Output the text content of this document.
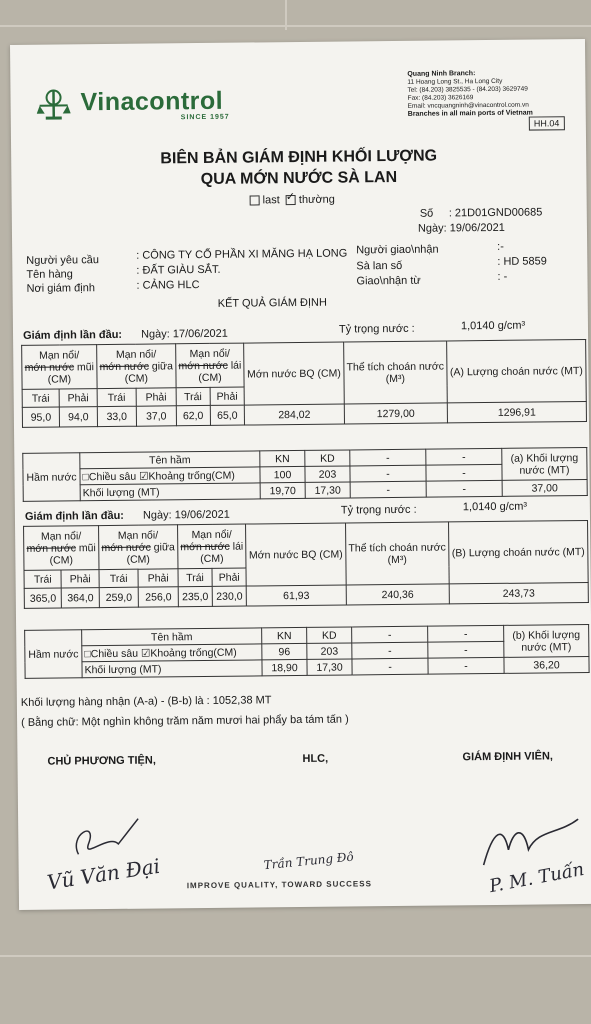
Vinacontrol
SINCE 1957
Quang Ninh Branch:
11 Hoang Long St., Ha Long City
Tel: (84.203) 3825535 - (84.203) 3629749
Fax: (84.203) 3626169
Email: vncquangninh@vinacontrol.com.vn
Branches in all main ports of Vietnam
HH.04
BIÊN BẢN GIÁM ĐỊNH KHỐI LƯỢNG
QUA MỚN NƯỚC SÀ LAN
last ✓ thường
Số : 21D01GND00685
Ngày: 19/06/2021
Người yêu cầu	: CÔNG TY CỔ PHẦN XI MĂNG HẠ LONG
Tên hàng	: ĐẤT GIÀU SẮT.
Nơi giám định	: CẢNG HLC
Người giao\nhận	:-
Sà lan số	: HD 5859
Giao\nhận từ	: -
KẾT QUẢ GIÁM ĐỊNH
Giám định lần đầu: Ngày: 17/06/2021	Tỷ trọng nước :	1,0140 g/cm³
Mạn nổi/
mớn nước mũi
(CM)		Mạn nổi/
mớn nước giữa
(CM)		Mạn nổi/
mớn nước lái
(CM)		Mớn nước BQ (CM)	Thể tích choán nước
(M³)	(A) Lượng choán nước (MT)
Trái	Phải	Trái	Phải	Trái	Phải			
95,0	94,0	33,0	37,0	62,0	65,0	284,02	1279,00	1296,91
Hầm nước	Tên hầm	KN	KD	-	-	(a) Khối lượng nước (MT)
	□Chiều sâu ☑Khoảng trống(CM)	100	203	-	-	
	Khối lượng (MT)	19,70	17,30	-	-	37,00
Giám định lần đầu: Ngày: 19/06/2021	Tỷ trọng nước :	1,0140 g/cm³
Mạn nổi/
mớn nước mũi
(CM)		Mạn nổi/
mớn nước giữa
(CM)		Mạn nổi/
mớn nước lái
(CM)		Mớn nước BQ (CM)	Thể tích choán nước
(M³)	(B) Lượng choán nước (MT)
Trái	Phải	Trái	Phải	Trái	Phải			
365,0	364,0	259,0	256,0	235,0	230,0	61,93	240,36	243,73
Hầm nước	Tên hầm	KN	KD	-	-	(b) Khối lượng nước (MT)
	□Chiều sâu ☑Khoảng trống(CM)	96	203	-	-	
	Khối lượng (MT)	18,90	17,30	-	-	36,20
Khối lượng hàng nhận (A-a) - (B-b) là : 1052,38 MT
( Bằng chữ: Một nghìn không trăm năm mươi hai phẩy ba tám tấn )
CHỦ PHƯƠNG TIỆN,	HLC,	GIÁM ĐỊNH VIÊN,
Vũ Văn Đại	Trần Trung Đô	P. M. Tuấn
IMPROVE QUALITY, TOWARD SUCCESS
